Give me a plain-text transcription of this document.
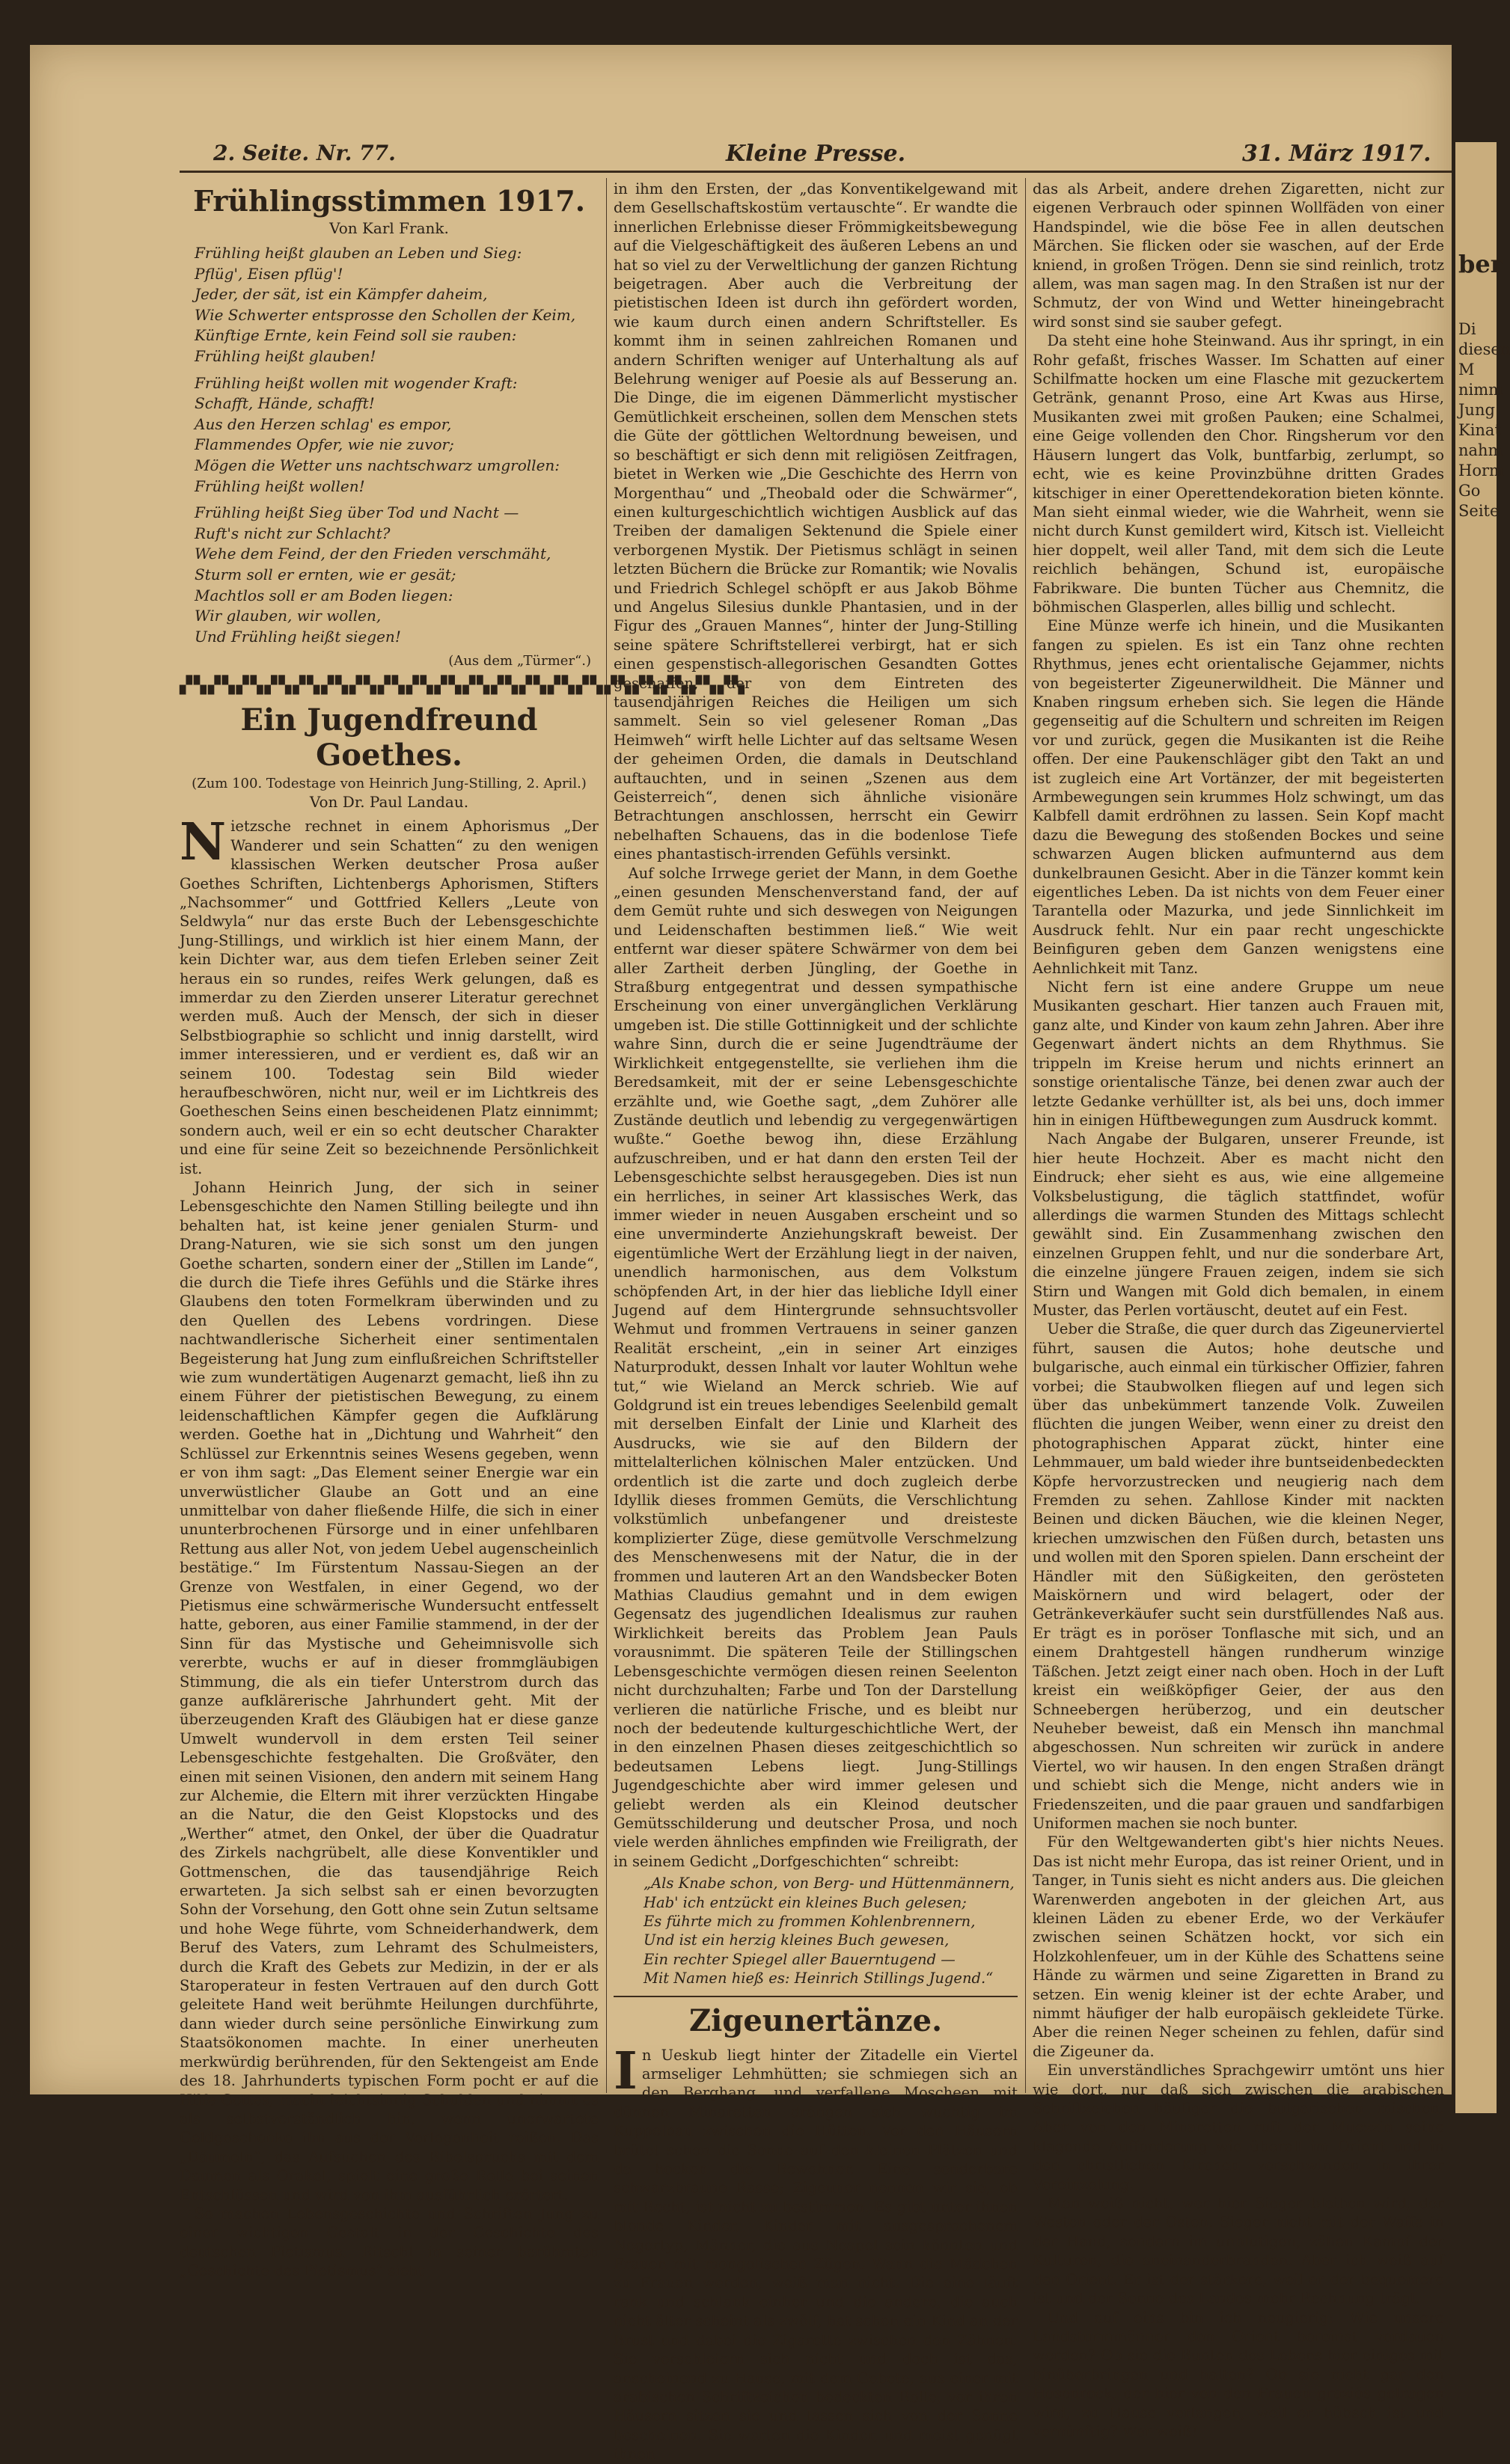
2. Seite. Nr. 77.	Kleine Presse.	31. März 1917.
Frühlingsstimmen 1917.
Von Karl Frank.
Frühling heißt glauben an Leben und Sieg:
Pflüg', Eisen pflüg'!
Jeder, der sät, ist ein Kämpfer daheim,
Wie Schwerter entsprosse den Schollen der Keim,
Künftige Ernte, kein Feind soll sie rauben:
Frühling heißt glauben!
Frühling heißt wollen mit wogender Kraft:
Schafft, Hände, schafft!
Aus den Herzen schlag' es empor,
Flammendes Opfer, wie nie zuvor;
Mögen die Wetter uns nachtschwarz umgrollen:
Frühling heißt wollen!
Frühling heißt Sieg über Tod und Nacht —
Ruft's nicht zur Schlacht?
Wehe dem Feind, der den Frieden verschmäht,
Sturm soll er ernten, wie er gesät;
Machtlos soll er am Boden liegen:
Wir glauben, wir wollen,
Und Frühling heißt siegen!
(Aus dem „Türmer“.)
▞▚▞▚▞▚▞▚▞▚▞▚▞▚▞▚▞▚▞▚▞▚▞▚▞▚▞▚▞▚▞▚▞▚▞▚▞▚▞▚
Ein Jugendfreund Goethes.
(Zum 100. Todestage von Heinrich Jung-Stilling, 2. April.)
Von Dr. Paul Landau.
N ietzsche rechnet in einem Aphorismus „Der Wanderer und sein Schatten“ zu den wenigen klassischen Werken deutscher Prosa außer Goethes Schriften, Lichtenbergs Aphorismen, Stifters „Nachsommer“ und Gottfried Kellers „Leute von Seldwyla“ nur das erste Buch der Lebensgeschichte Jung-Stillings, und wirklich ist hier einem Mann, der kein Dichter war, aus dem tiefen Erleben seiner Zeit heraus ein so rundes, reifes Werk gelungen, daß es immerdar zu den Zierden unserer Literatur gerechnet werden muß. Auch der Mensch, der sich in dieser Selbstbiographie so schlicht und innig darstellt, wird immer interessieren, und er verdient es, daß wir an seinem 100. Todestag sein Bild wieder heraufbeschwören, nicht nur, weil er im Lichtkreis des Goetheschen Seins einen bescheidenen Platz einnimmt; sondern auch, weil er ein so echt deutscher Charakter und eine für seine Zeit so bezeichnende Persönlichkeit ist.

Johann Heinrich Jung, der sich in seiner Lebensgeschichte den Namen Stilling beilegte und ihn behalten hat, ist keine jener genialen Sturm- und Drang-Naturen, wie sie sich sonst um den jungen Goethe scharten, sondern einer der „Stillen im Lande“, die durch die Tiefe ihres Gefühls und die Stärke ihres Glaubens den toten Formelkram überwinden und zu den Quellen des Lebens vordringen. Diese nachtwandlerische Sicherheit einer sentimentalen Begeisterung hat Jung zum einflußreichen Schriftsteller wie zum wundertätigen Augenarzt gemacht, ließ ihn zu einem Führer der pietistischen Bewegung, zu einem leidenschaftlichen Kämpfer gegen die Aufklärung werden. Goethe hat in „Dichtung und Wahrheit“ den Schlüssel zur Erkenntnis seines Wesens gegeben, wenn er von ihm sagt: „Das Element seiner Energie war ein unverwüstlicher Glaube an Gott und an eine unmittelbar von daher fließende Hilfe, die sich in einer ununterbrochenen Fürsorge und in einer unfehlbaren Rettung aus aller Not, von jedem Uebel augenscheinlich bestätige.“ Im Fürstentum Nassau-Siegen an der Grenze von Westfalen, in einer Gegend, wo der Pietismus eine schwärmerische Wundersucht entfesselt hatte, geboren, aus einer Familie stammend, in der der Sinn für das Mystische und Geheimnisvolle sich vererbte, wuchs er auf in dieser frommgläubigen Stimmung, die als ein tiefer Unterstrom durch das ganze aufklärerische Jahrhundert geht. Mit der überzeugenden Kraft des Gläubigen hat er diese ganze Umwelt wundervoll in dem ersten Teil seiner Lebensgeschichte festgehalten. Die Großväter, den einen mit seinen Visionen, den andern mit seinem Hang zur Alchemie, die Eltern mit ihrer verzückten Hingabe an die Natur, die den Geist Klopstocks und des „Werther“ atmet, den Onkel, der über die Quadratur des Zirkels nachgrübelt, alle diese Konventikler und Gottmenschen, die das tausendjährige Reich erwarteten. Ja sich selbst sah er einen bevorzugten Sohn der Vorsehung, den Gott ohne sein Zutun seltsame und hohe Wege führte, vom Schneiderhandwerk, dem Beruf des Vaters, zum Lehramt des Schulmeisters, durch die Kraft des Gebets zur Medizin, in der er als Staroperateur in festen Vertrauen auf den durch Gott geleitete Hand weit berühmte Heilungen durchführte, dann wieder durch seine persönliche Einwirkung zum Staatsökonomen machte. In einer unerheuten merkwürdig berührenden, für den Sektengeist am Ende des 18. Jahrhunderts typischen Form pocht er auf die Hilfe Gottes, macht leichtsinnig Schulden und nimmt es als selbstverständlich hin, wenn unerwartete Geldgeschenke ihn aus der Verlegenheit reißen. Das „Däumeln“, das Aufsuchen des Bibelspruchs mit dem Daumen als Orakel, spielt eine große Rolle bei seinen Entschlüssen und wird von ihm ausführlich erörtert.

So machen Lebensgeschichte und Schriften Jung zu einer wichtigen Gestalt in der Geschichte des deutschen Pietismus. Ritschl in seiner berühmten „Geschichte des Pietismus“ sieht

in ihm den Ersten, der „das Konventikelgewand mit dem Gesellschaftskostüm vertauschte“. Er wandte die innerlichen Erlebnisse dieser Frömmigkeitsbewegung auf die Vielgeschäftigkeit des äußeren Lebens an und hat so viel zu der Verweltlichung der ganzen Richtung beigetragen. Aber auch die Verbreitung der pietistischen Ideen ist durch ihn gefördert worden, wie kaum durch einen andern Schriftsteller. Es kommt ihm in seinen zahlreichen Romanen und andern Schriften weniger auf Unterhaltung als auf Belehrung weniger auf Poesie als auf Besserung an. Die Dinge, die im eigenen Dämmerlicht mystischer Gemütlichkeit erscheinen, sollen dem Menschen stets die Güte der göttlichen Weltordnung beweisen, und so beschäftigt er sich denn mit religiösen Zeitfragen, bietet in Werken wie „Die Geschichte des Herrn von Morgenthau“ und „Theobald oder die Schwärmer“, einen kulturgeschichtlich wichtigen Ausblick auf das Treiben der damaligen Sektenund die Spiele einer verborgenen Mystik. Der Pietismus schlägt in seinen letzten Büchern die Brücke zur Romantik; wie Novalis und Friedrich Schlegel schöpft er aus Jakob Böhme und Angelus Silesius dunkle Phantasien, und in der Figur des „Grauen Mannes“, hinter der Jung-Stilling seine spätere Schriftstellerei verbirgt, hat er sich einen gespenstisch-allegorischen Gesandten Gottes geschaffen, der von dem Eintreten des tausendjährigen Reiches die Heiligen um sich sammelt. Sein so viel gelesener Roman „Das Heimweh“ wirft helle Lichter auf das seltsame Wesen der geheimen Orden, die damals in Deutschland auftauchten, und in seinen „Szenen aus dem Geisterreich“, denen sich ähnliche visionäre Betrachtungen anschlossen, herrscht ein Gewirr nebelhaften Schauens, das in die bodenlose Tiefe eines phantastisch-irrenden Gefühls versinkt.

Auf solche Irrwege geriet der Mann, in dem Goethe „einen gesunden Menschenverstand fand, der auf dem Gemüt ruhte und sich deswegen von Neigungen und Leidenschaften bestimmen ließ.“ Wie weit entfernt war dieser spätere Schwärmer von dem bei aller Zartheit derben Jüngling, der Goethe in Straßburg entgegentrat und dessen sympathische Erscheinung von einer unvergänglichen Verklärung umgeben ist. Die stille Gottinnigkeit und der schlichte wahre Sinn, durch die er seine Jugendträume der Wirklichkeit entgegenstellte, sie verliehen ihm die Beredsamkeit, mit der er seine Lebensgeschichte erzählte und, wie Goethe sagt, „dem Zuhörer alle Zustände deutlich und lebendig zu vergegenwärtigen wußte.“ Goethe bewog ihn, diese Erzählung aufzuschreiben, und er hat dann den ersten Teil der Lebensgeschichte selbst herausgegeben. Dies ist nun ein herrliches, in seiner Art klassisches Werk, das immer wieder in neuen Ausgaben erscheint und so eine unverminderte Anziehungskraft beweist. Der eigentümliche Wert der Erzählung liegt in der naiven, unendlich harmonischen, aus dem Volkstum schöpfenden Art, in der hier das liebliche Idyll einer Jugend auf dem Hintergrunde sehnsuchtsvoller Wehmut und frommen Vertrauens in seiner ganzen Realität erscheint, „ein in seiner Art einziges Naturprodukt, dessen Inhalt vor lauter Wohltun wehe tut,“ wie Wieland an Merck schrieb. Wie auf Goldgrund ist ein treues lebendiges Seelenbild gemalt mit derselben Einfalt der Linie und Klarheit des Ausdrucks, wie sie auf den Bildern der mittelalterlichen kölnischen Maler entzücken. Und ordentlich ist die zarte und doch zugleich derbe Idyllik dieses frommen Gemüts, die Verschlichtung volkstümlich unbefangener und dreisteste komplizierter Züge, diese gemütvolle Verschmelzung des Menschenwesens mit der Natur, die in der frommen und lauteren Art an den Wandsbecker Boten Mathias Claudius gemahnt und in dem ewigen Gegensatz des jugendlichen Idealismus zur rauhen Wirklichkeit bereits das Problem Jean Pauls vorausnimmt. Die späteren Teile der Stillingschen Lebensgeschichte vermögen diesen reinen Seelenton nicht durchzuhalten; Farbe und Ton der Darstellung verlieren die natürliche Frische, und es bleibt nur noch der bedeutende kulturgeschichtliche Wert, der in den einzelnen Phasen dieses zeitgeschichtlich so bedeutsamen Lebens liegt. Jung-Stillings Jugendgeschichte aber wird immer gelesen und geliebt werden als ein Kleinod deutscher Gemütsschilderung und deutscher Prosa, und noch viele werden ähnliches empfinden wie Freiligrath, der in seinem Gedicht „Dorfgeschichten“ schreibt:

„Als Knabe schon, von Berg- und Hüttenmännern,
Hab' ich entzückt ein kleines Buch gelesen;
Es führte mich zu frommen Kohlenbrennern,
Und ist ein herzig kleines Buch gewesen,
Ein rechter Spiegel aller Bauerntugend —
Mit Namen hieß es: Heinrich Stillings Jugend.“
Zigeunertänze.
I n Ueskub liegt hinter der Zitadelle ein Viertel armseliger Lehmhütten; sie schmiegen sich an den Berghang, und verfallene Moscheen mit dünnen Minaretten drängen sich wuchtig im Kuppelbau zwischen die Hütten. Vor den Häusern brütet schon die Sonne auf den kleinen Plätzen und da hocken die Bewohner. Eine sonderbare schwarzbraune Rasse; Zigeuner nennen wir sie, ob mit Recht, ist nicht zu bestimmen. Es gibt unter ihnen blonde Kinder, Kinder mit ausgesprochenem Negertyp, Männer, die aus Neapel sein könnten und Frauen mit mongolischen Zügen. Wann die Mädchen zu Frauen werden, weiß man nicht. Die eine läuft rank und schlank einher und die andere, die auch nicht älter scheint als zwölf, hat schon ein Kind an der Brust und dabei die Zigarette zwischen den Zähnen. Sie verschleiern sich nicht und doch ist das, anscheinend zu Hause, mit dem Gebete, aus einer mit arabischen Schriftzeichen bedeckten Rolle, vor ihren Häusern sitzen sie und lassen sich von der Sonne bescheinen. Sie warten die Kinder, und meist genügt ihnen

das als Arbeit, andere drehen Zigaretten, nicht zur eigenen Verbrauch oder spinnen Wollfäden von einer Handspindel, wie die böse Fee in allen deutschen Märchen. Sie flicken oder sie waschen, auf der Erde kniend, in großen Trögen. Denn sie sind reinlich, trotz allem, was man sagen mag. In den Straßen ist nur der Schmutz, der von Wind und Wetter hineingebracht wird sonst sind sie sauber gefegt.

Da steht eine hohe Steinwand. Aus ihr springt, in ein Rohr gefaßt, frisches Wasser. Im Schatten auf einer Schilfmatte hocken um eine Flasche mit gezuckertem Getränk, genannt Proso, eine Art Kwas aus Hirse, Musikanten zwei mit großen Pauken; eine Schalmei, eine Geige vollenden den Chor. Ringsherum vor den Häusern lungert das Volk, buntfarbig, zerlumpt, so echt, wie es keine Provinzbühne dritten Grades kitschiger in einer Operettendekoration bieten könnte. Man sieht einmal wieder, wie die Wahrheit, wenn sie nicht durch Kunst gemildert wird, Kitsch ist. Vielleicht hier doppelt, weil aller Tand, mit dem sich die Leute reichlich behängen, Schund ist, europäische Fabrikware. Die bunten Tücher aus Chemnitz, die böhmischen Glasperlen, alles billig und schlecht.

Eine Münze werfe ich hinein, und die Musikanten fangen zu spielen. Es ist ein Tanz ohne rechten Rhythmus, jenes echt orientalische Gejammer, nichts von begeisterter Zigeunerwildheit. Die Männer und Knaben ringsum erheben sich. Sie legen die Hände gegenseitig auf die Schultern und schreiten im Reigen vor und zurück, gegen die Musikanten ist die Reihe offen. Der eine Paukenschläger gibt den Takt an und ist zugleich eine Art Vortänzer, der mit begeisterten Armbewegungen sein krummes Holz schwingt, um das Kalbfell damit erdröhnen zu lassen. Sein Kopf macht dazu die Bewegung des stoßenden Bockes und seine schwarzen Augen blicken aufmunternd aus dem dunkelbraunen Gesicht. Aber in die Tänzer kommt kein eigentliches Leben. Da ist nichts von dem Feuer einer Tarantella oder Mazurka, und jede Sinnlichkeit im Ausdruck fehlt. Nur ein paar recht ungeschickte Beinfiguren geben dem Ganzen wenigstens eine Aehnlichkeit mit Tanz.

Nicht fern ist eine andere Gruppe um neue Musikanten geschart. Hier tanzen auch Frauen mit, ganz alte, und Kinder von kaum zehn Jahren. Aber ihre Gegenwart ändert nichts an dem Rhythmus. Sie trippeln im Kreise herum und nichts erinnert an sonstige orientalische Tänze, bei denen zwar auch der letzte Gedanke verhüllter ist, als bei uns, doch immer hin in einigen Hüftbewegungen zum Ausdruck kommt.

Nach Angabe der Bulgaren, unserer Freunde, ist hier heute Hochzeit. Aber es macht nicht den Eindruck; eher sieht es aus, wie eine allgemeine Volksbelustigung, die täglich stattfindet, wofür allerdings die warmen Stunden des Mittags schlecht gewählt sind. Ein Zusammenhang zwischen den einzelnen Gruppen fehlt, und nur die sonderbare Art, die einzelne jüngere Frauen zeigen, indem sie sich Stirn und Wangen mit Gold dich bemalen, in einem Muster, das Perlen vortäuscht, deutet auf ein Fest.

Ueber die Straße, die quer durch das Zigeunerviertel führt, sausen die Autos; hohe deutsche und bulgarische, auch einmal ein türkischer Offizier, fahren vorbei; die Staubwolken fliegen auf und legen sich über das unbekümmert tanzende Volk. Zuweilen flüchten die jungen Weiber, wenn einer zu dreist den photographischen Apparat zückt, hinter eine Lehmmauer, um bald wieder ihre buntseidenbedeckten Köpfe hervorzustrecken und neugierig nach dem Fremden zu sehen. Zahllose Kinder mit nackten Beinen und dicken Bäuchen, wie die kleinen Neger, kriechen umzwischen den Füßen durch, betasten uns und wollen mit den Sporen spielen. Dann erscheint der Händler mit den Süßigkeiten, den gerösteten Maiskörnern und wird belagert, oder der Getränkeverkäufer sucht sein durstfüllendes Naß aus. Er trägt es in poröser Tonflasche mit sich, und an einem Drahtgestell hängen rundherum winzige Täßchen. Jetzt zeigt einer nach oben. Hoch in der Luft kreist ein weißköpfiger Geier, der aus den Schneebergen herüberzog, und ein deutscher Neuheber beweist, daß ein Mensch ihn manchmal abgeschossen. Nun schreiten wir zurück in andere Viertel, wo wir hausen. In den engen Straßen drängt und schiebt sich die Menge, nicht anders wie in Friedenszeiten, und die paar grauen und sandfarbigen Uniformen machen sie noch bunter.

Für den Weltgewanderten gibt's hier nichts Neues. Das ist nicht mehr Europa, das ist reiner Orient, und in Tanger, in Tunis sieht es nicht anders aus. Die gleichen Warenwerden angeboten in der gleichen Art, aus kleinen Läden zu ebener Erde, wo der Verkäufer zwischen seinen Schätzen hockt, vor sich ein Holzkohlenfeuer, um in der Kühle des Schattens seine Hände zu wärmen und seine Zigaretten in Brand zu setzen. Ein wenig kleiner ist der echte Araber, und nimmt häufiger der halb europäisch gekleidete Türke. Aber die reinen Neger scheinen zu fehlen, dafür sind die Zigeuner da.

Ein unverständliches Sprachgewirr umtönt uns hier wie dort, nur daß sich zwischen die arabischen Schriftzeichen häufiger die bulgarischen mischen. Aber von den Minaretten ruft der Muezzin seine klagende Aufforderung wie überall im Orient und in den christlichen Kirchen verschwinden in ihrer Vereinzelung.

Man weiß nicht, wer hier Sieger bleiben wird, der Westen oder der Osten. Sieger nicht mit der Waffe in der Hand, sondern im unblutigen, zähen Kampf der Kulturen, die aneinanderbranden. Aber ich weiß auf den Orient. Er ist der stärkere, weil er der bequemere ist und der Sonne des Landes mehr Rechnung trägt.

Und auf eins bin ich neugierig: Wie unsere Landsturmmänner den Orient bereinst verdauen werden? Ob sie die Bunten des Lebens hier einiges mit hinüberbringen und halten? Ob sie nicht gar den Hosenrock, der hier von den Frauen graziös getragen wird, zu Hause verlangen, weil er hübsch ist und vernünftig? Wer weiß!

ber
Di
diesen
M
nimm
Jung
Kinat
nahm
Horm
Go
Seite
